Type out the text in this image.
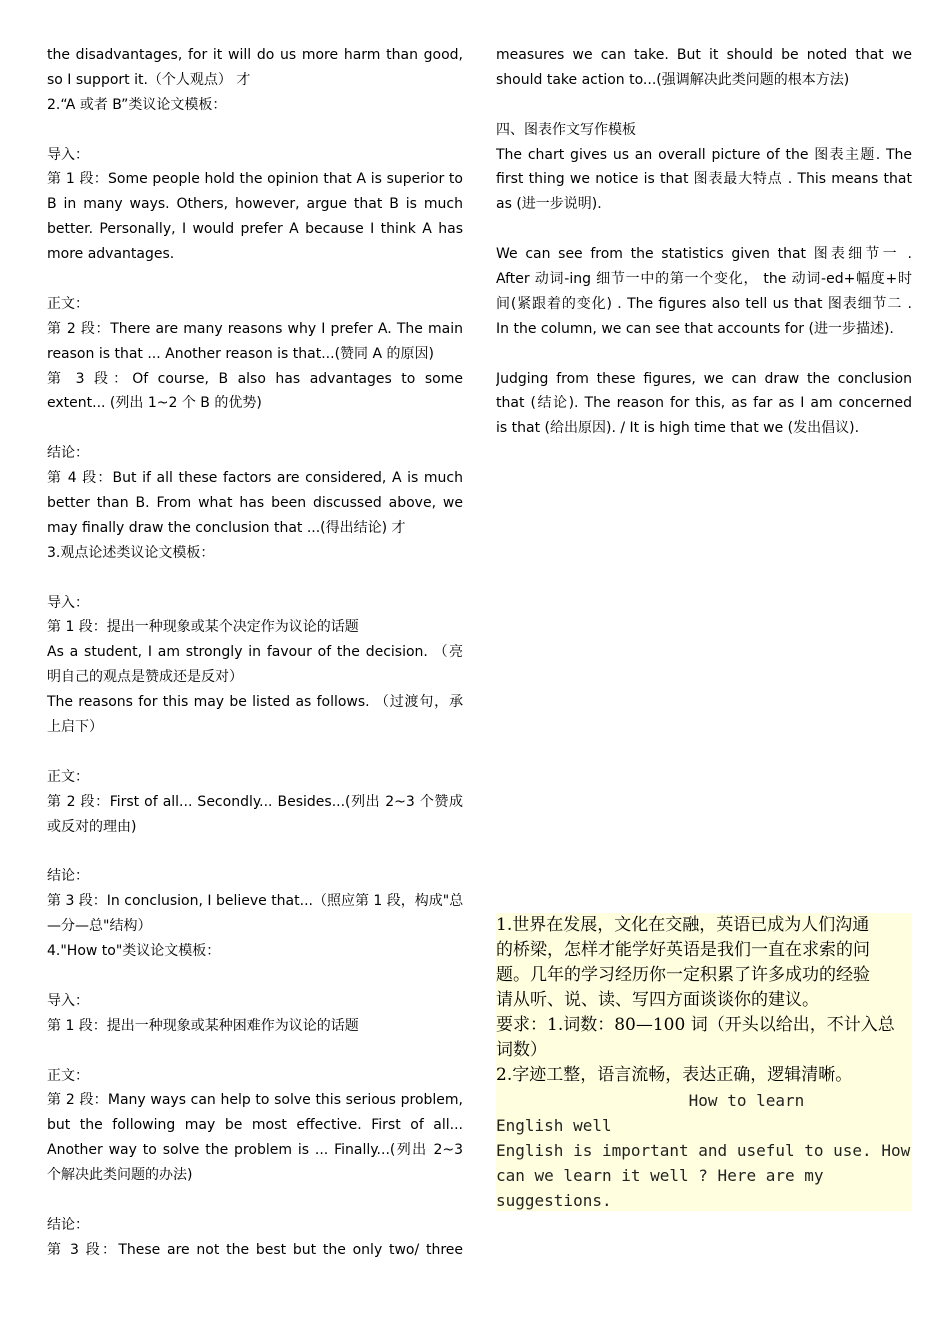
the disadvantages, for it will do us more harm than good,
so I support it.（个人观点） 才
2.“A 或者 B”类议论文模板：
导入：
第 1 段：Some people hold the opinion that A is superior to
B in many ways. Others, however, argue that B is much
better. Personally, I would prefer A because I think A has
more advantages.
正文：
第 2 段：There are many reasons why I prefer A. The main
reason is that ... Another reason is that...(赞同 A 的原因)
第 3 段：Of course, B also has advantages to some
extent... (列出 1~2 个 B 的优势)
结论：
第 4 段：But if all these factors are considered, A is much
better than B. From what has been discussed above, we
may finally draw the conclusion that ...(得出结论) 才
3.观点论述类议论文模板：
导入：
第 1 段：提出一种现象或某个决定作为议论的话题
As a student, I am strongly in favour of the decision. （亮
明自己的观点是赞成还是反对）
The reasons for this may be listed as follows. （过渡句，承
上启下）
正文：
第 2 段：First of all... Secondly... Besides...(列出 2~3 个赞成
或反对的理由)
结论：
第 3 段：In conclusion, I believe that...（照应第 1 段，构成"总
—分—总"结构）
4."How to"类议论文模板：
导入：
第 1 段：提出一种现象或某种困难作为议论的话题
正文：
第 2 段：Many ways can help to solve this serious problem,
but the following may be most effective. First of all...
Another way to solve the problem is ... Finally...(列出 2~3
个解决此类问题的办法)
结论：
第 3 段：These are not the best but the only two/ three
measures we can take. But it should be noted that we
should take action to...(强调解决此类问题的根本方法)
四、图表作文写作模板
The chart gives us an overall picture of the 图表主题. The
first thing we notice is that 图表最大特点 . This means that
as (进一步说明).
We can see from the statistics given that 图表细节一 .
After 动词-ing 细节一中的第一个变化， the 动词-ed+幅度+时
间(紧跟着的变化) . The figures also tell us that 图表细节二 .
In the column, we can see that accounts for (进一步描述).
Judging from these figures, we can draw the conclusion
that (结论). The reason for this, as far as I am concerned
is that (给出原因). / It is high time that we (发出倡议).
1.世界在发展，文化在交融，英语已成为人们沟通
的桥梁，怎样才能学好英语是我们一直在求索的问
题。几年的学习经历你一定积累了许多成功的经验
请从听、说、读、写四方面谈谈你的建议。
要求：1.词数：80—100 词（开头以给出，不计入总
词数）
2.字迹工整，语言流畅，表达正确，逻辑清晰。
How to learn
English well
English is important and useful to use. How
can we learn it well ? Here are my
suggestions.
